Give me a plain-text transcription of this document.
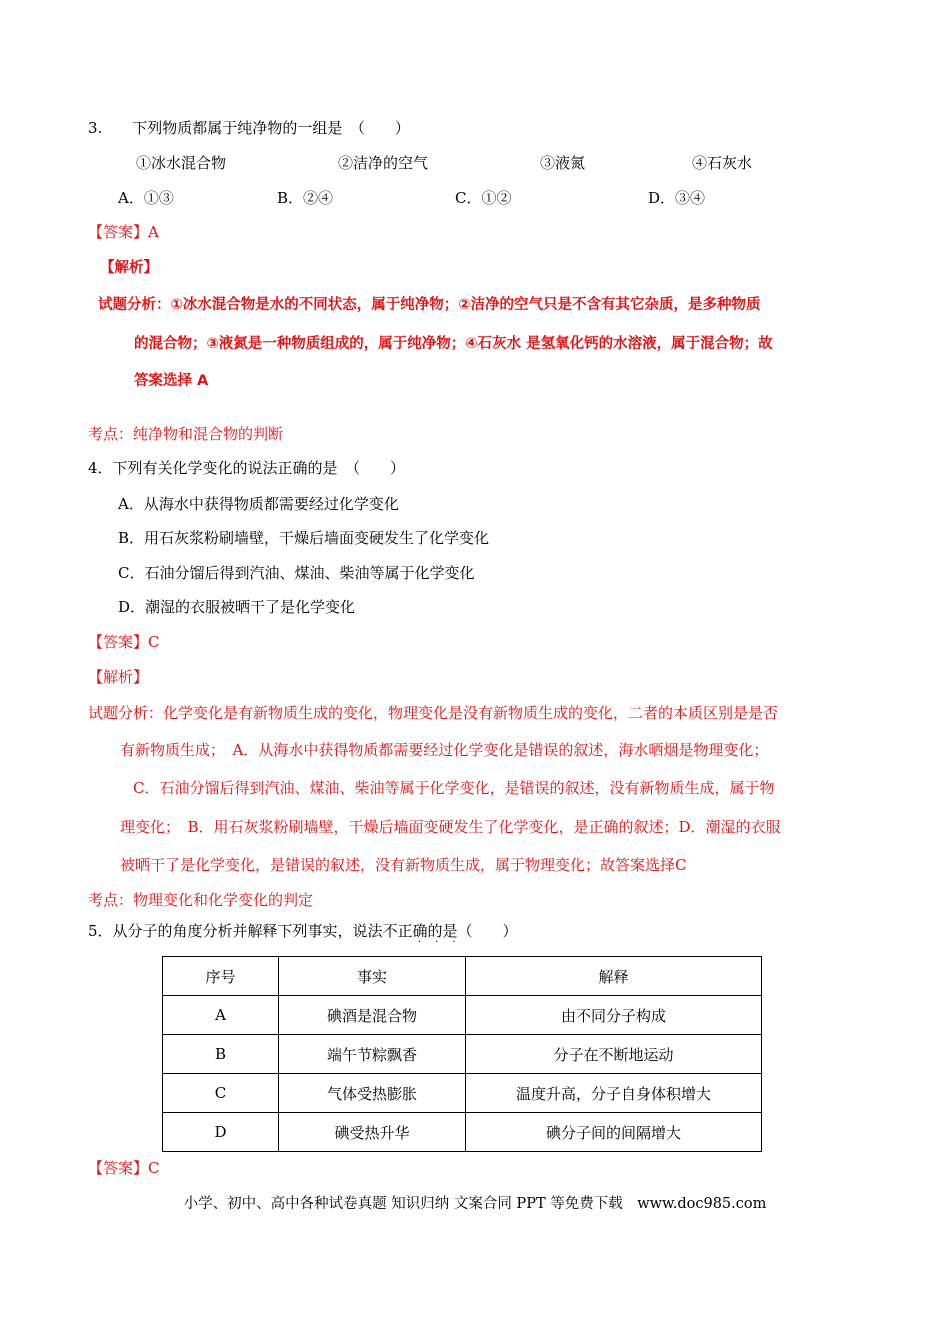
3.　　下列物质都属于纯净物的一组是　（　　）
①冰水混合物	②洁净的空气	③液氮	④石灰水
A．①③	B．②④	C．①②	D．③④
【答案】A
【解析】
试题分析：①冰水混合物是水的不同状态，属于纯净物；②洁净的空气只是不含有其它杂质，是多种物质
的混合物；③液氮是一种物质组成的，属于纯净物；④石灰水 是氢氧化钙的水溶液，属于混合物；故
答案选择 A
考点：纯净物和混合物的判断
4．下列有关化学变化的说法正确的是　（　　）
A．从海水中获得物质都需要经过化学变化
B．用石灰浆粉刷墙壁，干燥后墙面变硬发生了化学变化
C．石油分馏后得到汽油、煤油、柴油等属于化学变化
D．潮湿的衣服被晒干了是化学变化
【答案】C
【解析】
试题分析：化学变化是有新物质生成的变化，物理变化是没有新物质生成的变化，二者的本质区别是是否
有新物质生成；　A．从海水中获得物质都需要经过化学变化是错误的叙述，海水晒烟是物理变化；
C．石油分馏后得到汽油、煤油、柴油等属于化学变化，是错误的叙述，没有新物质生成，属于物
理变化；　B．用石灰浆粉刷墙壁，干燥后墙面变硬发生了化学变化，是正确的叙述；D．潮湿的衣服
被晒干了是化学变化，是错误的叙述，没有新物质生成，属于物理变化；故答案选择C
考点：物理变化和化学变化的判定
5．从分子的角度分析并解释下列事实，说法不正确的是（　　）
···
序号	事实	解释
A	碘酒是混合物	由不同分子构成
B	端午节粽飘香	分子在不断地运动
C	气体受热膨胀	温度升高，分子自身体积增大
D	碘受热升华	碘分子间的间隔增大
【答案】C
小学、初中、高中各种试卷真题 知识归纳 文案合同 PPT 等免费下载　www.doc985.com
